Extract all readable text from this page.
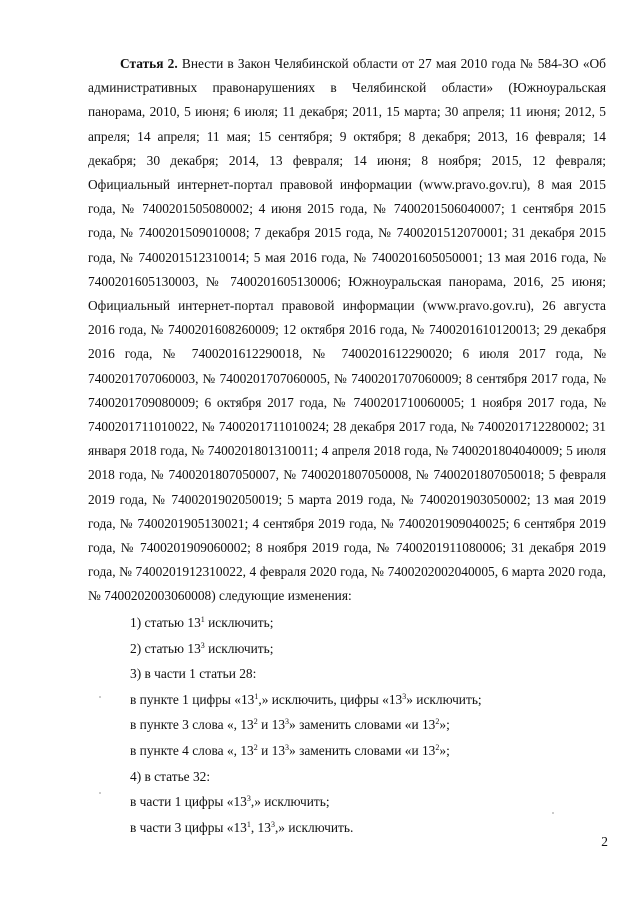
Статья 2. Внести в Закон Челябинской области от 27 мая 2010 года № 584-ЗО «Об административных правонарушениях в Челябинской области» (Южноуральская панорама, 2010, 5 июня; 6 июля; 11 декабря; 2011, 15 марта; 30 апреля; 11 июня; 2012, 5 апреля; 14 апреля; 11 мая; 15 сентября; 9 октября; 8 декабря; 2013, 16 февраля; 14 декабря; 30 декабря; 2014, 13 февраля; 14 июня; 8 ноября; 2015, 12 февраля; Официальный интернет-портал правовой информации (www.pravo.gov.ru), 8 мая 2015 года, № 7400201505080002; 4 июня 2015 года, № 7400201506040007; 1 сентября 2015 года, № 7400201509010008; 7 декабря 2015 года, № 7400201512070001; 31 декабря 2015 года, № 7400201512310014; 5 мая 2016 года, № 7400201605050001; 13 мая 2016 года, № 7400201605130003, № 7400201605130006; Южноуральская панорама, 2016, 25 июня; Официальный интернет-портал правовой информации (www.pravo.gov.ru), 26 августа 2016 года, № 7400201608260009; 12 октября 2016 года, № 7400201610120013; 29 декабря 2016 года, № 7400201612290018, № 7400201612290020; 6 июля 2017 года, № 7400201707060003, № 7400201707060005, № 7400201707060009; 8 сентября 2017 года, № 7400201709080009; 6 октября 2017 года, № 7400201710060005; 1 ноября 2017 года, № 7400201711010022, № 7400201711010024; 28 декабря 2017 года, № 7400201712280002; 31 января 2018 года, № 7400201801310011; 4 апреля 2018 года, № 7400201804040009; 5 июля 2018 года, № 7400201807050007, № 7400201807050008, № 7400201807050018; 5 февраля 2019 года, № 7400201902050019; 5 марта 2019 года, № 7400201903050002; 13 мая 2019 года, № 7400201905130021; 4 сентября 2019 года, № 7400201909040025; 6 сентября 2019 года, № 7400201909060002; 8 ноября 2019 года, № 7400201911080006; 31 декабря 2019 года, № 7400201912310022, 4 февраля 2020 года, № 7400202002040005, 6 марта 2020 года, № 7400202003060008) следующие изменения:

1) статью $13^1$ исключить;
2) статью $13^3$ исключить;
3) в части 1 статьи 28:
в пункте 1 цифры «$13^1$,» исключить, цифры «$13^3$» исключить;
в пункте 3 слова «, $13^2$ и $13^3$» заменить словами «и $13^2$»;
в пункте 4 слова «, $13^2$ и $13^3$» заменить словами «и $13^2$»;
4) в статье 32:
в части 1 цифры «$13^3$,» исключить;
в части 3 цифры «$13^1$, $13^3$,» исключить.
2
